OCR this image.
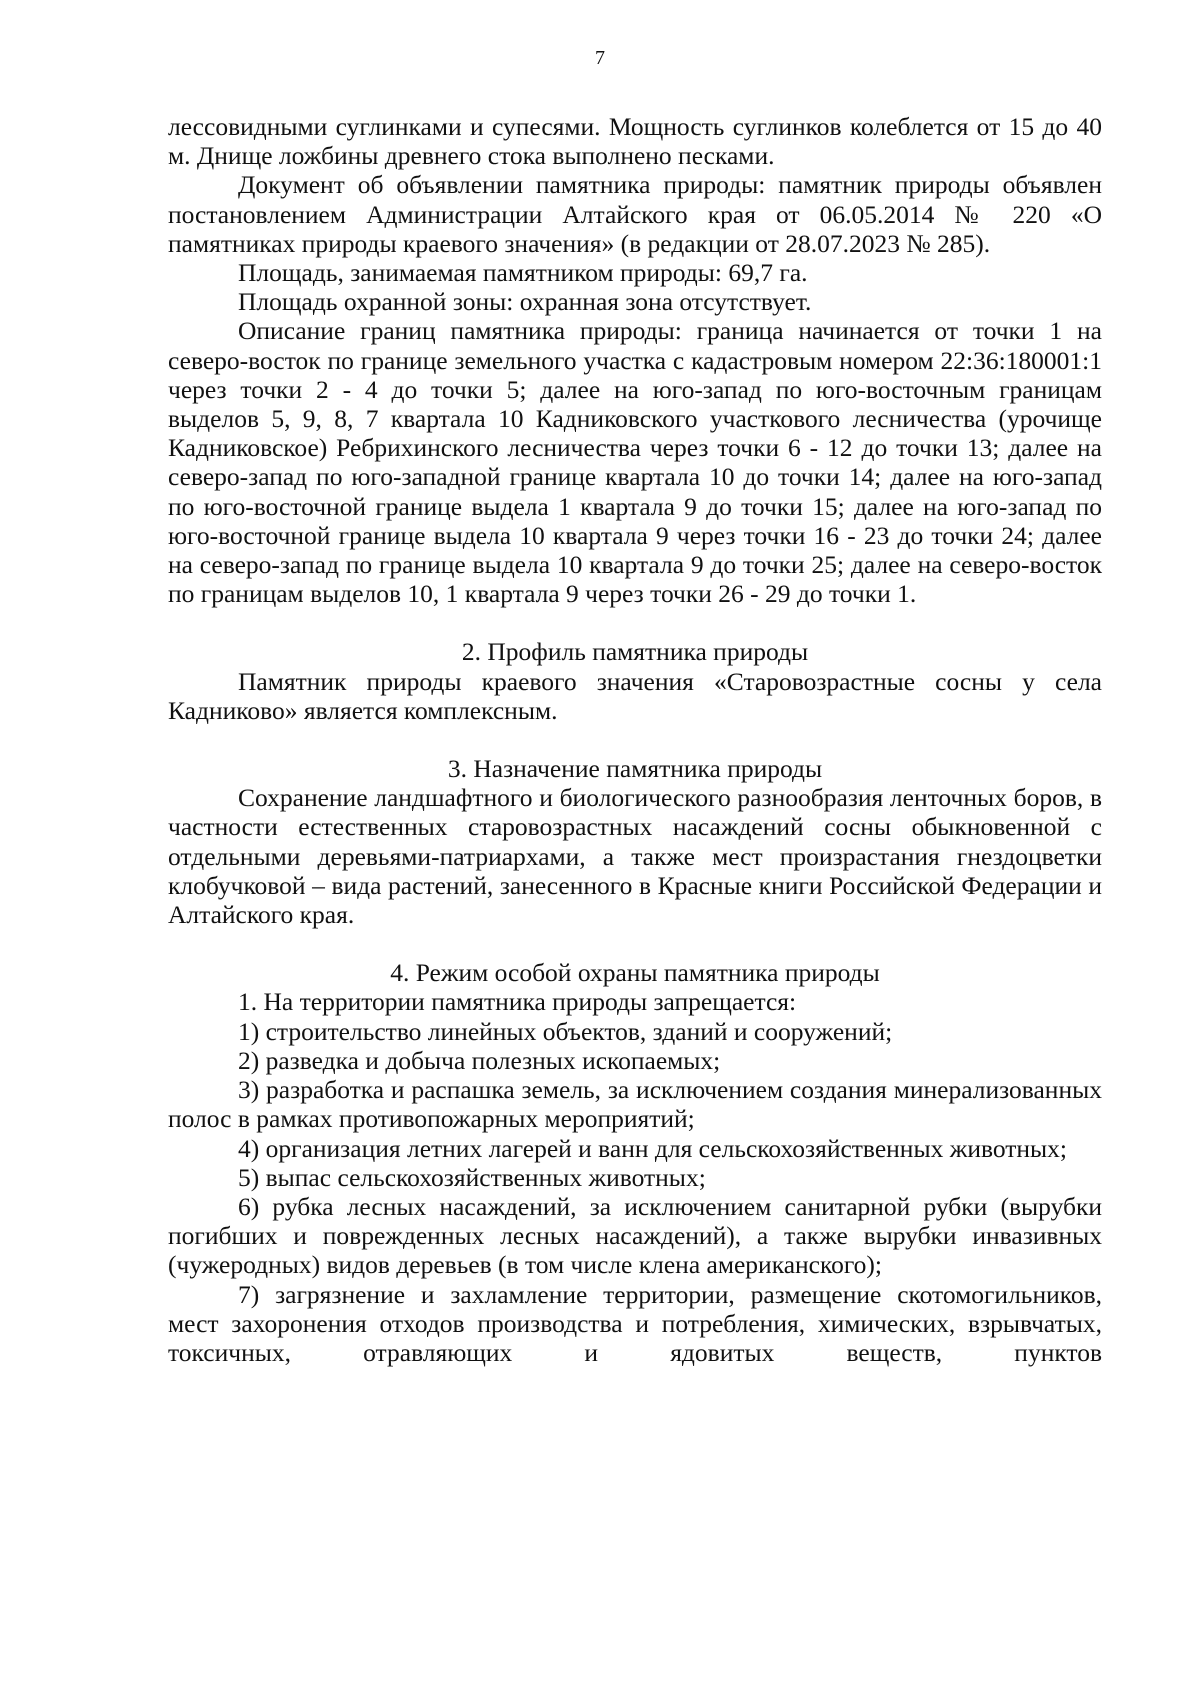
7

лессовидными суглинками и супесями. Мощность суглинков колеблется от 15 до 40 м. Днище ложбины древнего стока выполнено песками.

Документ об объявлении памятника природы: памятник природы объявлен постановлением Администрации Алтайского края от 06.05.2014 № 220 «О памятниках природы краевого значения» (в редакции от 28.07.2023 № 285).

Площадь, занимаемая памятником природы: 69,7 га.

Площадь охранной зоны: охранная зона отсутствует.

Описание границ памятника природы: граница начинается от точки 1 на северо-восток по границе земельного участка с кадастровым номером 22:36:180001:1 через точки 2 - 4 до точки 5; далее на юго-запад по юго-восточным границам выделов 5, 9, 8, 7 квартала 10 Кадниковского участкового лесничества (урочище Кадниковское) Ребрихинского лесничества через точки 6 - 12 до точки 13; далее на северо-запад по юго-западной границе квартала 10 до точки 14; далее на юго-запад по юго-восточной границе выдела 1 квартала 9 до точки 15; далее на юго-запад по юго-восточной границе выдела 10 квартала 9 через точки 16 - 23 до точки 24; далее на северо-запад по границе выдела 10 квартала 9 до точки 25; далее на северо-восток по границам выделов 10, 1 квартала 9 через точки 26 - 29 до точки 1.

2. Профиль памятника природы

Памятник природы краевого значения «Старовозрастные сосны у села Кадниково» является комплексным.

3. Назначение памятника природы

Сохранение ландшафтного и биологического разнообразия ленточных боров, в частности естественных старовозрастных насаждений сосны обыкновенной с отдельными деревьями-патриархами, а также мест произрастания гнездоцветки клобучковой – вида растений, занесенного в Красные книги Российской Федерации и Алтайского края.

4. Режим особой охраны памятника природы

1. На территории памятника природы запрещается:

1) строительство линейных объектов, зданий и сооружений;

2) разведка и добыча полезных ископаемых;

3) разработка и распашка земель, за исключением создания минерализованных полос в рамках противопожарных мероприятий;

4) организация летних лагерей и ванн для сельскохозяйственных животных;

5) выпас сельскохозяйственных животных;

6) рубка лесных насаждений, за исключением санитарной рубки (вырубки погибших и поврежденных лесных насаждений), а также вырубки инвазивных (чужеродных) видов деревьев (в том числе клена американского);

7) загрязнение и захламление территории, размещение скотомогильников, мест захоронения отходов производства и потребления, химических, взрывчатых, токсичных, отравляющих и ядовитых веществ, пунктов
